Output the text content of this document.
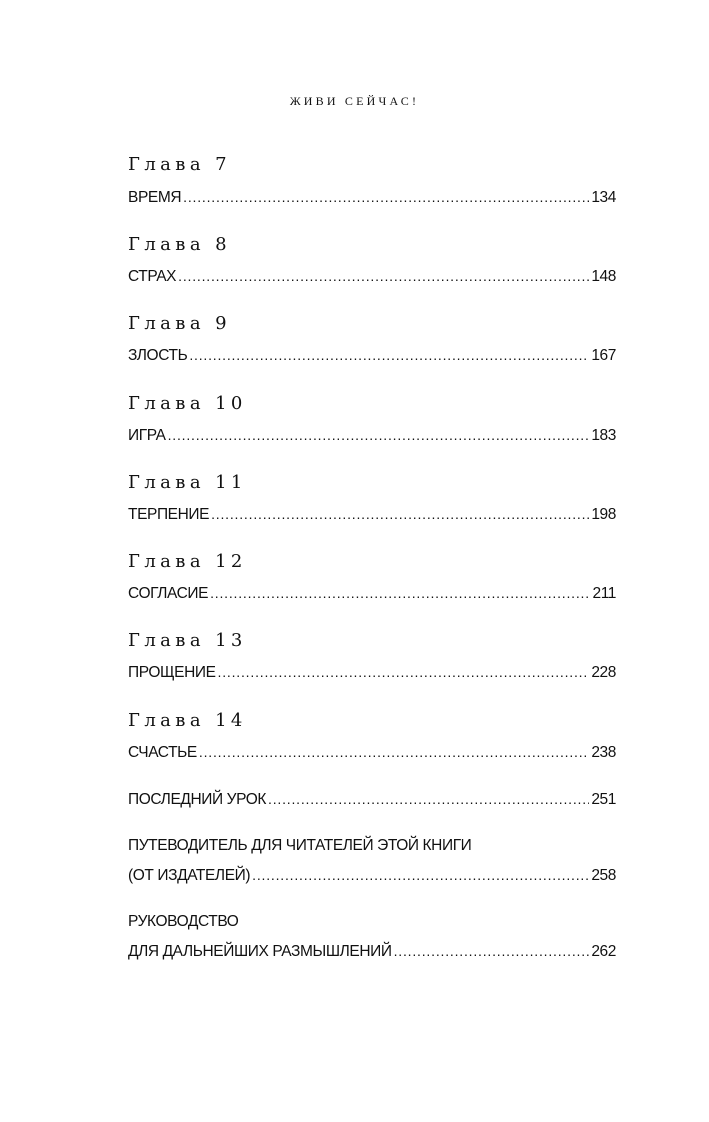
ЖИВИ СЕЙЧАС!
Глава 7
ВРЕМЯ .....	134
Глава 8
СТРАХ .....	148
Глава 9
ЗЛОСТЬ .....	167
Глава 10
ИГРА .....	183
Глава 11
ТЕРПЕНИЕ .....	198
Глава 12
СОГЛАСИЕ .....	211
Глава 13
ПРОЩЕНИЕ .....	228
Глава 14
СЧАСТЬЕ .....	238
ПОСЛЕДНИЙ УРОК .....	251
ПУТЕВОДИТЕЛЬ ДЛЯ ЧИТАТЕЛЕЙ ЭТОЙ КНИГИ
(ОТ ИЗДАТЕЛЕЙ) .....	258
РУКОВОДСТВО
ДЛЯ ДАЛЬНЕЙШИХ РАЗМЫШЛЕНИЙ .....	262
